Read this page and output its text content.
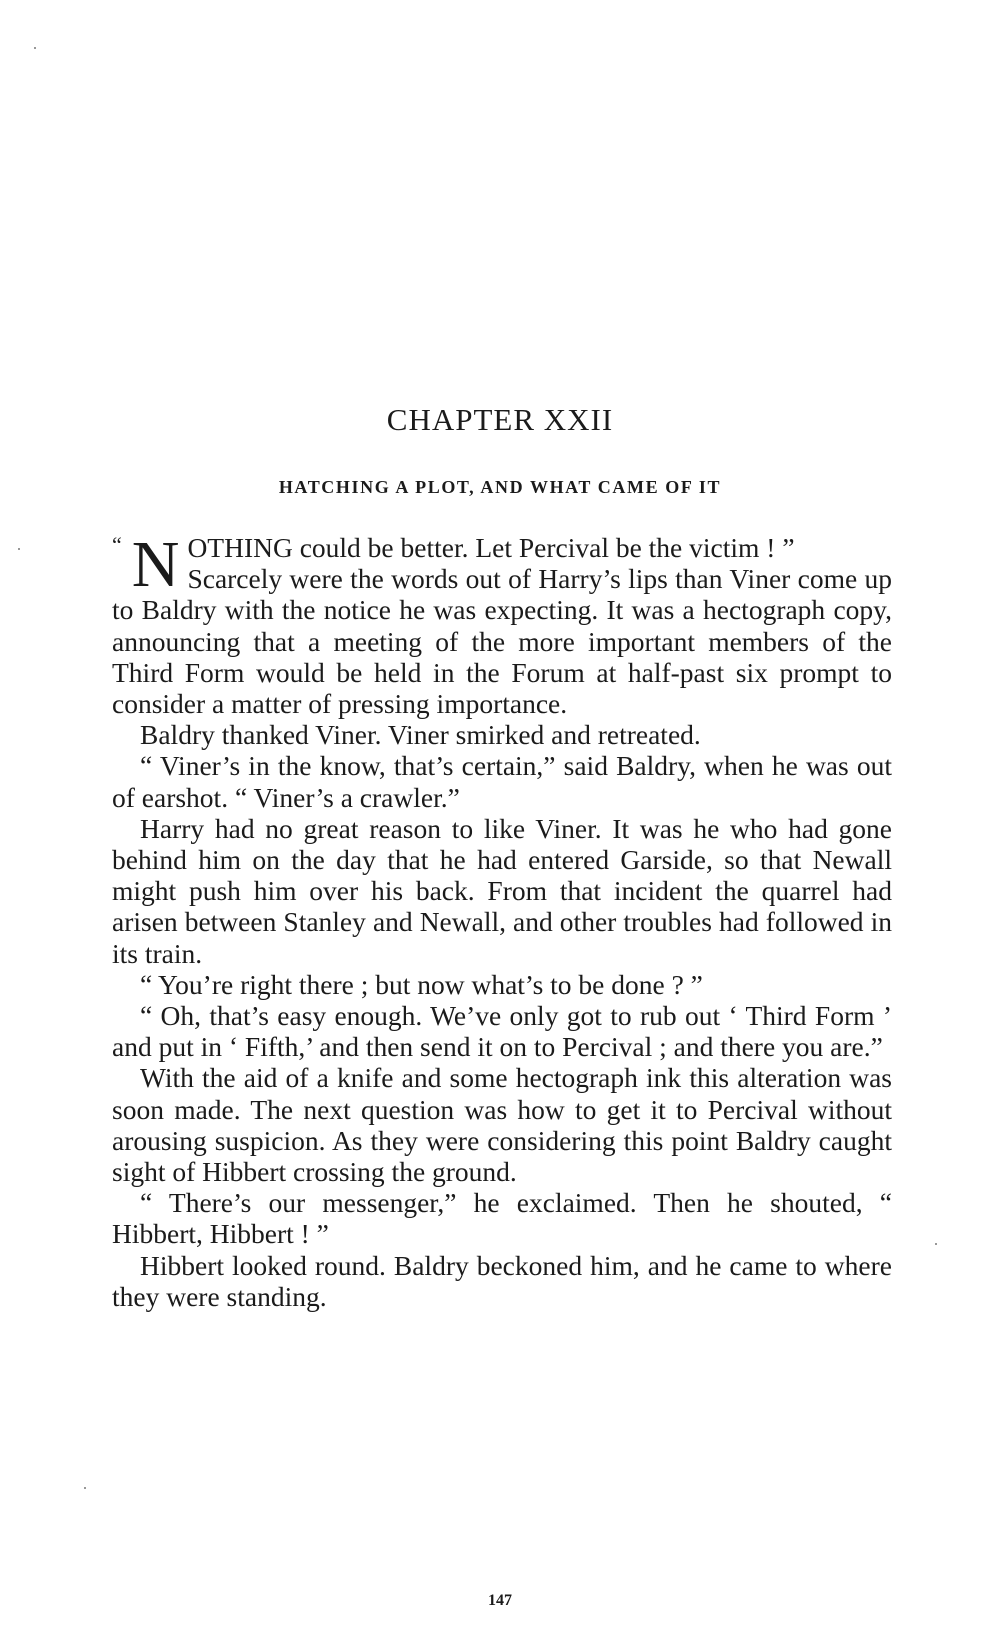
CHAPTER XXII
HATCHING A PLOT, AND WHAT CAME OF IT

“ N OTHING could be better. Let Percival be the victim ! ”

Scarcely were the words out of Harry’s lips than Viner come up to Baldry with the notice he was expecting. It was a hectograph copy, announcing that a meeting of the more important members of the Third Form would be held in the Forum at half-past six prompt to consider a matter of pressing importance.

Baldry thanked Viner. Viner smirked and retreated.

“ Viner’s in the know, that’s certain,” said Baldry, when he was out of earshot. “ Viner’s a crawler.”

Harry had no great reason to like Viner. It was he who had gone behind him on the day that he had entered Garside, so that Newall might push him over his back. From that incident the quarrel had arisen between Stanley and Newall, and other troubles had followed in its train.

“ You’re right there ; but now what’s to be done ? ”

“ Oh, that’s easy enough. We’ve only got to rub out ‘ Third Form ’ and put in ‘ Fifth,’ and then send it on to Percival ; and there you are.”

With the aid of a knife and some hectograph ink this alteration was soon made. The next question was how to get it to Percival without arousing suspicion. As they were considering this point Baldry caught sight of Hibbert crossing the ground.

“ There’s our messenger,” he exclaimed. Then he shouted, “ Hibbert, Hibbert ! ”

Hibbert looked round. Baldry beckoned him, and he came to where they were standing.

147
